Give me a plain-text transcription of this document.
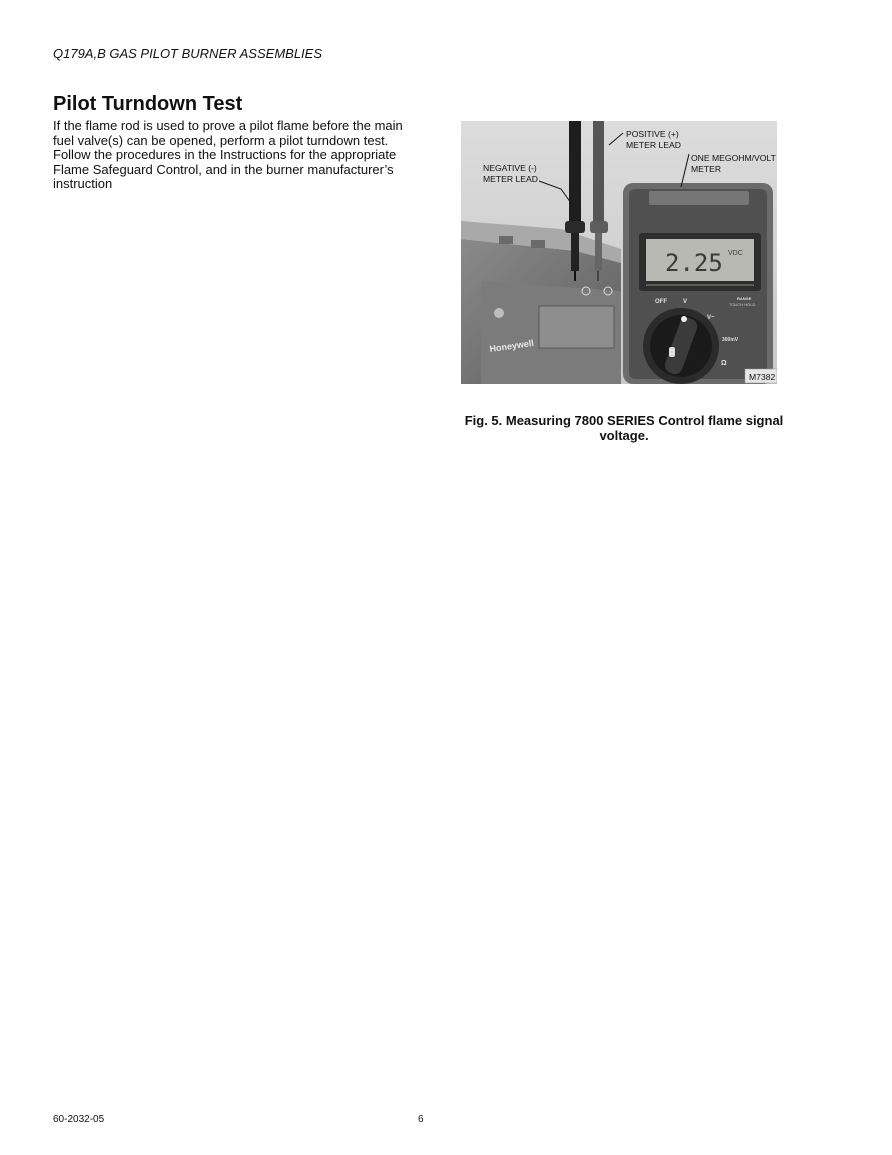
Q179A,B GAS PILOT BURNER ASSEMBLIES
Pilot Turndown Test

If the flame rod is used to prove a pilot flame before the main fuel valve(s) can be opened, perform a pilot turndown test. Follow the procedures in the Instructions for the appropriate Flame Safeguard Control, and in the burner manufacturer’s instruction

Honeywell
2.25 VDC
OFF	V
V~
300mV
Ω
RANGE
TOUCH HOLD
POSITIVE (+)
METER LEAD
NEGATIVE (-)
METER LEAD
ONE MEGOHM/VOLT
METER
M7382

Fig. 5. Measuring 7800 SERIES Control flame signal voltage.

60-2032-05	6
